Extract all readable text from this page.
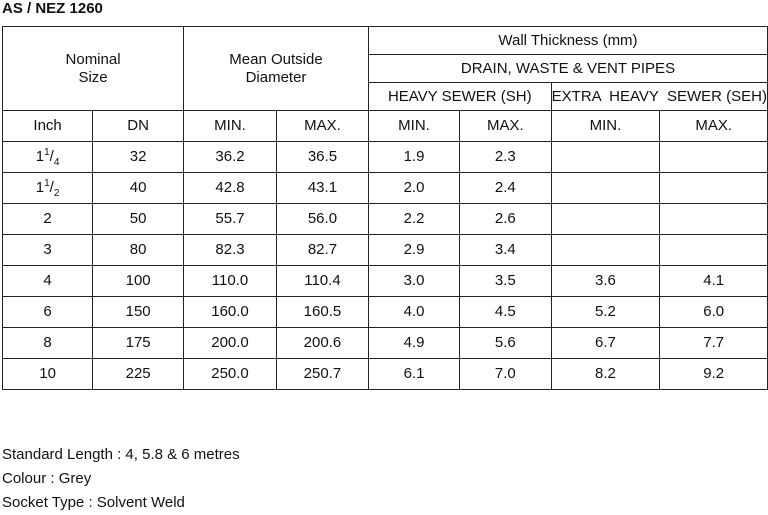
AS / NEZ 1260
Nominal Size		Mean Outside Diameter		Wall Thickness (mm)			
				DRAIN, WASTE & VENT PIPES			
				HEAVY SEWER (SH)		EXTRA  HEAVY  SEWER (SEH)	
Inch	DN	MIN.	MAX.	MIN.	MAX.	MIN.	MAX.
$1^1/_4$	32	36.2	36.5	1.9	2.3		
$1^1/_2$	40	42.8	43.1	2.0	2.4		
2	50	55.7	56.0	2.2	2.6		
3	80	82.3	82.7	2.9	3.4		
4	100	110.0	110.4	3.0	3.5	3.6	4.1
6	150	160.0	160.5	4.0	4.5	5.2	6.0
8	175	200.0	200.6	4.9	5.6	6.7	7.7
10	225	250.0	250.7	6.1	7.0	8.2	9.2
Standard Length : 4, 5.8 & 6 metres
Colour : Grey
Socket Type : Solvent Weld
